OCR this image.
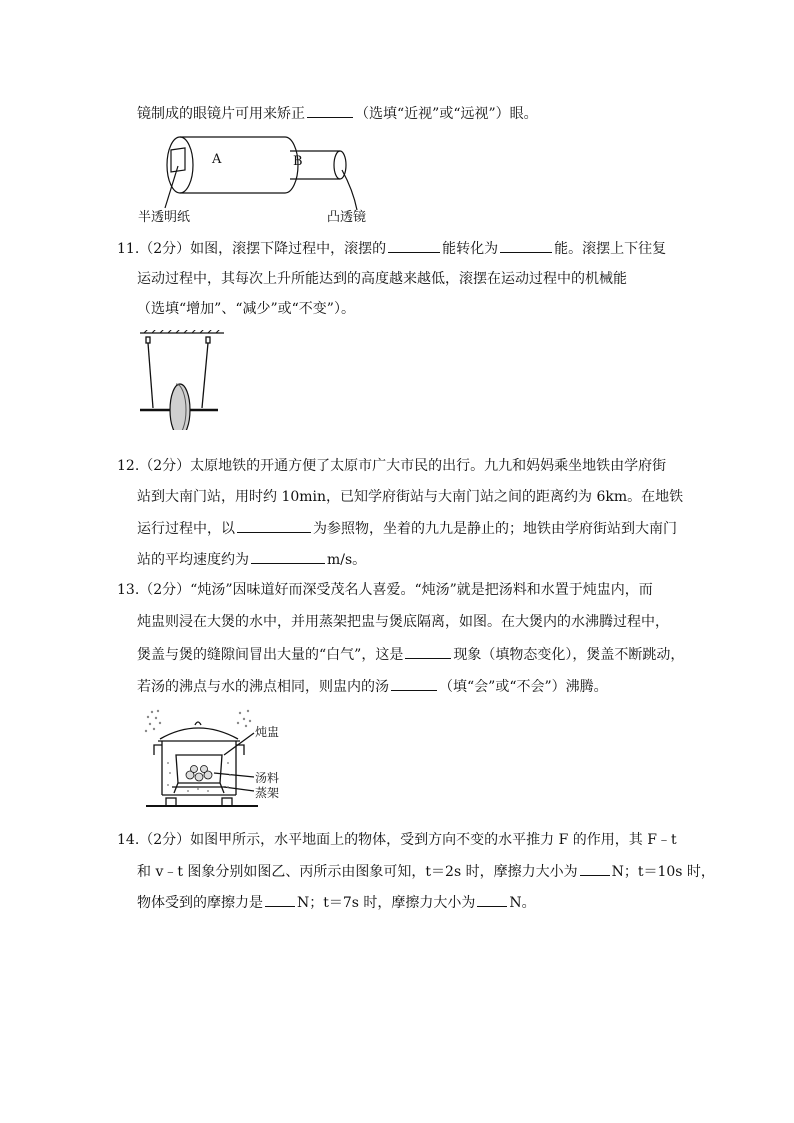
镜制成的眼镜片可用来矫正	（选填“近视”或“远视”）眼。
A	B
半透明纸	凸透镜
11.（2分）如图，滚摆下降过程中，滚摆的	能转化为	能。滚摆上下往复
运动过程中，其每次上升所能达到的高度越来越低，滚摆在运动过程中的机械能
（选填“增加”、“减少”或“不变”）。
12.（2分）太原地铁的开通方便了太原市广大市民的出行。九九和妈妈乘坐地铁由学府街
站到大南门站，用时约 10min，已知学府街站与大南门站之间的距离约为 6km。在地铁
运行过程中，以	为参照物，坐着的九九是静止的；地铁由学府街站到大南门
站的平均速度约为	m/s。
13.（2分）“炖汤”因味道好而深受茂名人喜爱。“炖汤”就是把汤料和水置于炖盅内，而
炖盅则浸在大煲的水中，并用蒸架把盅与煲底隔离，如图。在大煲内的水沸腾过程中，
煲盖与煲的缝隙间冒出大量的“白气”，这是	现象（填物态变化），煲盖不断跳动，
若汤的沸点与水的沸点相同，则盅内的汤	（填“会”或“不会”）沸腾。
炖盅
汤料
蒸架
14.（2分）如图甲所示，水平地面上的物体，受到方向不变的水平推力 F 的作用，其 F﹣t
和 v﹣t 图象分别如图乙、丙所示由图象可知，t＝2s 时，摩擦力大小为 N；t＝10s 时，
物体受到的摩擦力是 N；t＝7s 时，摩擦力大小为 N。
